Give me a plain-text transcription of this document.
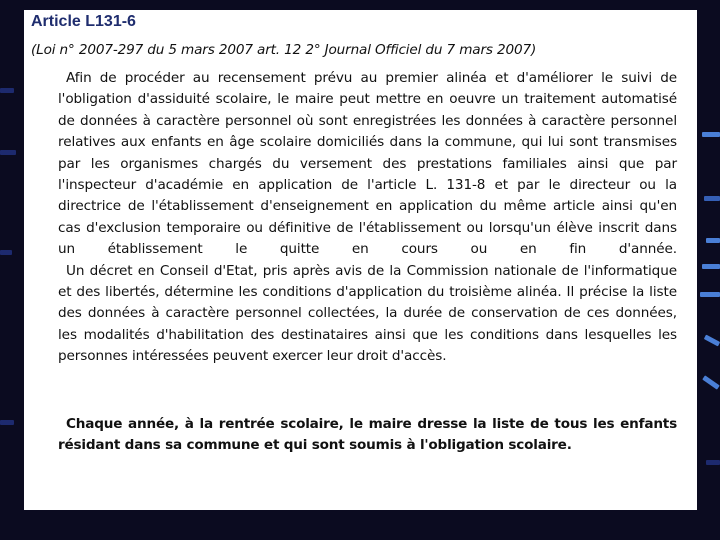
Article L131-6

(Loi n° 2007-297 du 5 mars 2007 art. 12 2° Journal Officiel du 7 mars 2007)

Afin de procéder au recensement prévu au premier alinéa et d'améliorer le suivi de l'obligation d'assiduité scolaire, le maire peut mettre en oeuvre un traitement automatisé de données à caractère personnel où sont enregistrées les données à caractère personnel relatives aux enfants en âge scolaire domiciliés dans la commune, qui lui sont transmises par les organismes chargés du versement des prestations familiales ainsi que par l'inspecteur d'académie en application de l'article L. 131-8 et par le directeur ou la directrice de l'établissement d'enseignement en application du même article ainsi qu'en cas d'exclusion temporaire ou définitive de l'établissement ou lorsqu'un élève inscrit dans un établissement le quitte en cours ou en fin d'année.
Un décret en Conseil d'Etat, pris après avis de la Commission nationale de l'informatique et des libertés, détermine les conditions d'application du troisième alinéa. Il précise la liste des données à caractère personnel collectées, la durée de conservation de ces données, les modalités d'habilitation des destinataires ainsi que les conditions dans lesquelles les personnes intéressées peuvent exercer leur droit d'accès.

Chaque année, à la rentrée scolaire, le maire dresse la liste de tous les enfants résidant dans sa commune et qui sont soumis à l'obligation scolaire.
